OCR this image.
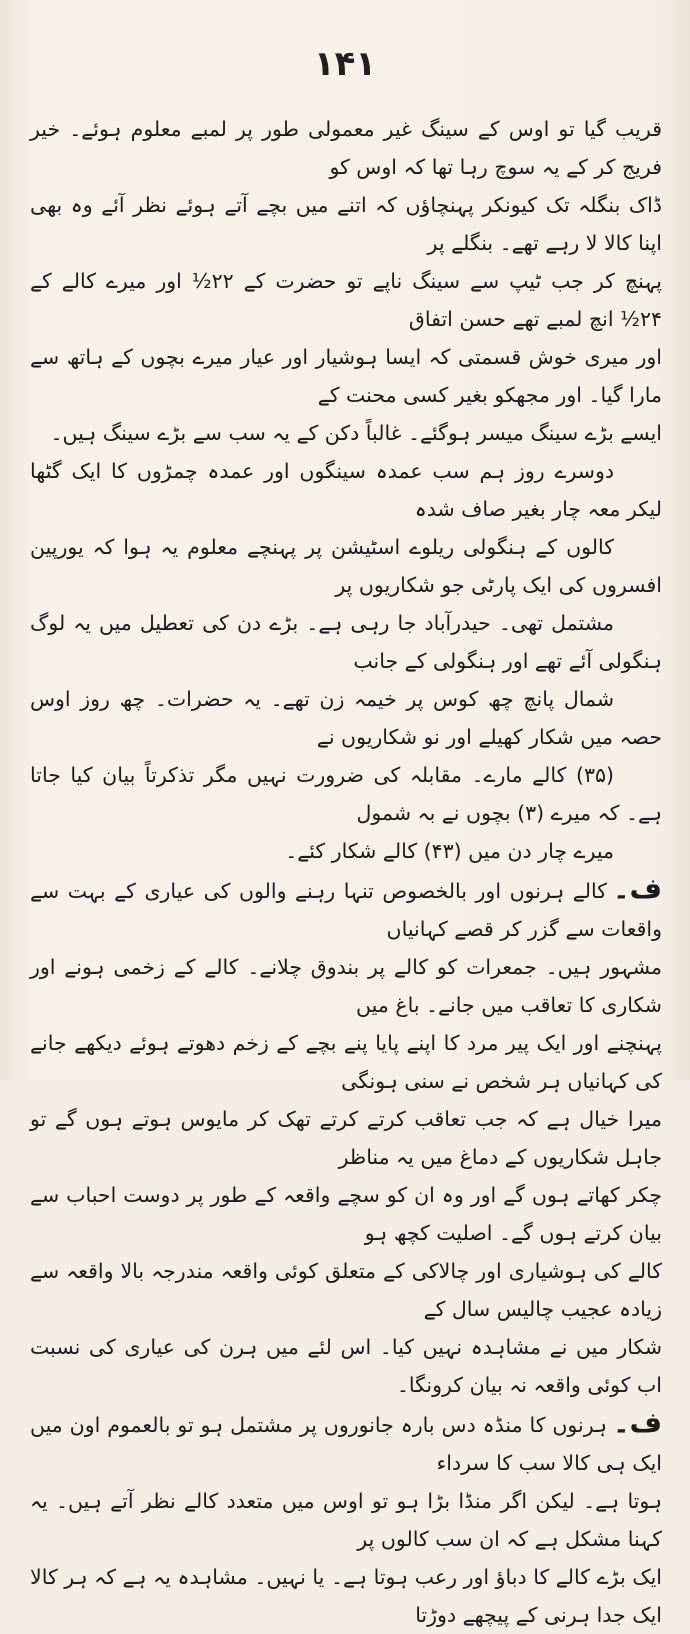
۱۴۱
قریب گیا تو اوس کے سینگ غیر معمولی طور پر لمبے معلوم ہوئے۔ خیر فریج کر کے یہ سوچ رہا تھا کہ اوس کو
ڈاک بنگلہ تک کیونکر پہنچاؤں کہ اتنے میں بچے آتے ہوئے نظر آئے وہ بھی اپنا کالا لا رہے تھے۔ بنگلے پر
پہنچ کر جب ٹیپ سے سینگ ناپے تو حضرت کے ۲۲½ اور میرے کالے کے ۲۴½ انچ لمبے تھے حسن اتفاق
اور میری خوش قسمتی کہ ایسا ہوشیار اور عیار میرے بچوں کے ہاتھ سے مارا گیا۔ اور مجھکو بغیر کسی محنت کے
ایسے بڑے سینگ میسر ہوگئے۔ غالباً دکن کے یہ سب سے بڑے سینگ ہیں۔
دوسرے روز ہم سب عمدہ سینگوں اور عمدہ چمڑوں کا ایک گٹھا لیکر معہ چار بغیر صاف شدہ
کالوں کے ہنگولی ریلوے اسٹیشن پر پہنچے معلوم یہ ہوا کہ یورپین افسروں کی ایک پارٹی جو شکاریوں پر
مشتمل تھی۔ حیدرآباد جا رہی ہے۔ بڑے دن کی تعطیل میں یہ لوگ ہنگولی آئے تھے اور ہنگولی کے جانب
شمال پانچ چھ کوس پر خیمہ زن تھے۔ یہ حضرات۔ چھ روز اوس حصہ میں شکار کھیلے اور نو شکاریوں نے
(۳۵) کالے مارے۔ مقابلہ کی ضرورت نہیں مگر تذکرتاً بیان کیا جاتا ہے۔ کہ میرے (۳) بچوں نے بہ شمول
میرے چار دن میں (۴۳) کالے شکار کئے۔
ف۔کالے ہرنوں اور بالخصوص تنہا رہنے والوں کی عیاری کے بہت سے واقعات سے گزر کر قصے کہانیاں
مشہور ہیں۔ جمعرات کو کالے پر بندوق چلانے۔ کالے کے زخمی ہونے اور شکاری کا تعاقب میں جانے۔ باغ میں
پہنچنے اور ایک پیر مرد کا اپنے پایا پنے بچے کے زخم دھوتے ہوئے دیکھے جانے کی کہانیاں ہر شخص نے سنی ہونگی
میرا خیال ہے کہ جب تعاقب کرتے کرتے تھک کر مایوس ہوتے ہوں گے تو جاہل شکاریوں کے دماغ میں یہ مناظر
چکر کھاتے ہوں گے اور وہ ان کو سچے واقعہ کے طور پر دوست احباب سے بیان کرتے ہوں گے۔ اصلیت کچھ ہو
کالے کی ہوشیاری اور چالاکی کے متعلق کوئی واقعہ مندرجہ بالا واقعہ سے زیادہ عجیب چالیس سال کے
شکار میں نے مشاہدہ نہیں کیا۔ اس لئے میں ہرن کی عیاری کی نسبت اب کوئی واقعہ نہ بیان کرونگا۔
ف۔ہرنوں کا منڈہ دس بارہ جانوروں پر مشتمل ہو تو بالعموم اون میں ایک ہی کالا سب کا سرداء
ہوتا ہے۔ لیکن اگر منڈا بڑا ہو تو اوس میں متعدد کالے نظر آتے ہیں۔ یہ کہنا مشکل ہے کہ ان سب کالوں پر
ایک بڑے کالے کا دباؤ اور رعب ہوتا ہے۔ یا نہیں۔ مشاہدہ یہ ہے کہ ہر کالا ایک جدا ہرنی کے پیچھے دوڑتا
